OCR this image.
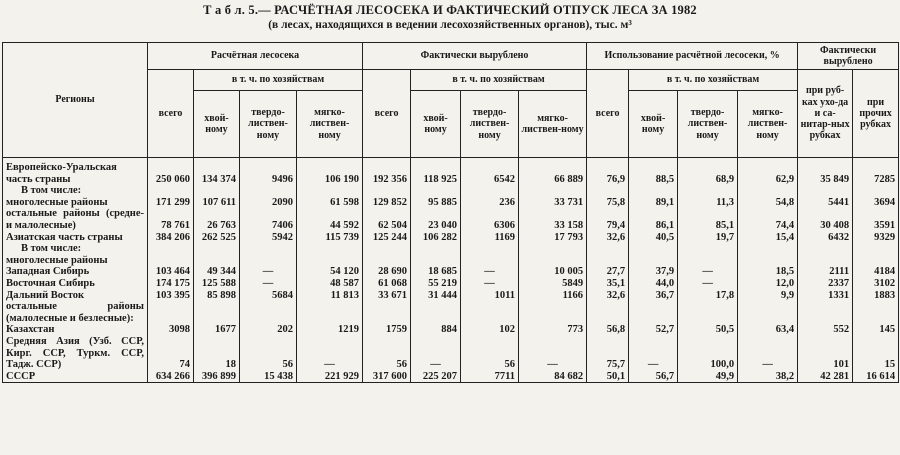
Т а б л. 5.— РАСЧЁТНАЯ ЛЕСОСЕКА И ФАКТИЧЕСКИЙ ОТПУСК ЛЕСА ЗА 1982
(в лесах, находящихся в ведении лесохозяйственных органов), тыс. м³
Регионы	Расчётная лесосека				Фактически вырублено				Использование расчётной лесосеки, %				Фактически вырублено	
	всего	в т. ч. по хозяйствам			всего	в т. ч. по хозяйствам			всего	в т. ч. по хозяйствам			при руб-ках ухо-да и са-нитар-ных рубках	при прочих рубках
		хвой-ному	твердо-листвен-ному	мягко-листвен-ному		хвой-ному	твердо-листвен-ному	мягко-листвен-ному		хвой-ному	твердо-листвен-ному	мягко-листвен-ному		

Европейско-Уральская часть страны	250 060	134 374	9496	106 190	192 356	118 925	6542	66 889	76,9	88,5	68,9	62,9	35 849	7285

В том числе:														

многолесные районы	171 299	107 611	2090	61 598	129 852	95 885	236	33 731	75,8	89,1	11,3	54,8	5441	3694

остальные районы (средне- и малолесные)	78 761	26 763	7406	44 592	62 504	23 040	6306	33 158	79,4	86,1	85,1	74,4	30 408	3591

Азиатская часть страны	384 206	262 525	5942	115 739	125 244	106 282	1169	17 793	32,6	40,5	19,7	15,4	6432	9329

В том числе:														

многолесные районы														

Западная Сибирь	103 464	49 344	—	54 120	28 690	18 685	—	10 005	27,7	37,9	—	18,5	2111	4184

Восточная Сибирь	174 175	125 588	—	48 587	61 068	55 219	—	5849	35,1	44,0	—	12,0	2337	3102

Дальний Восток	103 395	85 898	5684	11 813	33 671	31 444	1011	1166	32,6	36,7	17,8	9,9	1331	1883

остальные районы (малолесные и безлесные):														

Казахстан	3098	1677	202	1219	1759	884	102	773	56,8	52,7	50,5	63,4	552	145

Средняя Азия (Узб. ССР, Кирг. ССР, Туркм. ССР, Тадж. ССР)	74	18	56	—	56	—	56	—	75,7	—	100,0	—	101	15

СССР	634 266	396 899	15 438	221 929	317 600	225 207	7711	84 682	50,1	56,7	49,9	38,2	42 281	16 614
